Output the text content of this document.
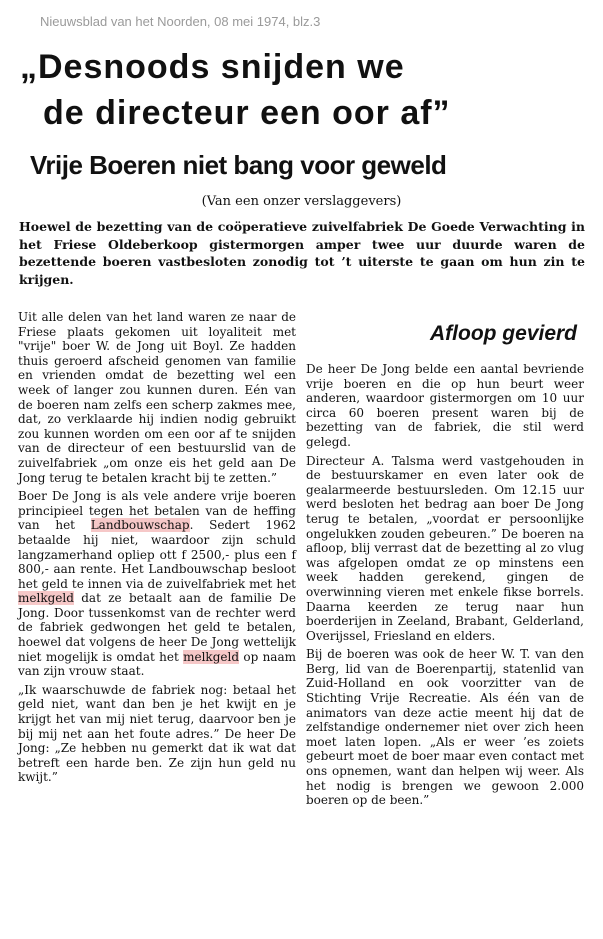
Nieuwsblad van het Noorden, 08 mei 1974, blz.3
„Desnoods snijden we
de directeur een oor af”
Vrije Boeren niet bang voor geweld
(Van een onzer verslaggevers)
Hoewel de bezetting van de coöperatieve zuivelfabriek De Goede Verwachting in het Friese Oldeberkoop gistermorgen amper twee uur duurde waren de bezettende boeren vastbesloten zonodig tot ’t uiterste te gaan om hun zin te krijgen.

Uit alle delen van het land waren ze naar de Friese plaats gekomen uit loyaliteit met "vrije" boer W. de Jong uit Boyl. Ze hadden thuis geroerd afscheid genomen van familie en vrienden omdat de bezetting wel een week of langer zou kunnen duren. Eén van de boeren nam zelfs een scherp zakmes mee, dat, zo verklaarde hij indien nodig gebruikt zou kunnen worden om een oor af te snijden van de directeur of een bestuurslid van de zuivelfabriek „om onze eis het geld aan De Jong terug te betalen kracht bij te zetten.”

Boer De Jong is als vele andere vrije boeren principieel tegen het betalen van de heffing van het Landbouwschap. Sedert 1962 betaalde hij niet, waardoor zijn schuld langzamerhand opliep ott f 2500,- plus een f 800,- aan rente. Het Landbouwschap besloot het geld te innen via de zuivelfabriek met het melkgeld dat ze betaalt aan de familie De Jong. Door tussenkomst van de rechter werd de fabriek gedwongen het geld te betalen, hoewel dat volgens de heer De Jong wettelijk niet mogelijk is omdat het melkgeld op naam van zijn vrouw staat.

„Ik waarschuwde de fabriek nog: betaal het geld niet, want dan ben je het kwijt en je krijgt het van mij niet terug, daarvoor ben je bij mij net aan het foute adres.” De heer De Jong: „Ze hebben nu gemerkt dat ik wat dat betreft een harde ben. Ze zijn hun geld nu kwijt.”

Afloop gevierd

De heer De Jong belde een aantal bevriende vrije boeren en die op hun beurt weer anderen, waardoor gistermorgen om 10 uur circa 60 boeren present waren bij de bezetting van de fabriek, die stil werd gelegd.

Directeur A. Talsma werd vastgehouden in de bestuurskamer en even later ook de gealarmeerde bestuursleden. Om 12.15 uur werd besloten het bedrag aan boer De Jong terug te betalen, „voordat er persoonlijke ongelukken zouden gebeuren.” De boeren na afloop, blij verrast dat de bezetting al zo vlug was afgelopen omdat ze op minstens een week hadden gerekend, gingen de overwinning vieren met enkele fikse borrels. Daarna keerden ze terug naar hun boerderijen in Zeeland, Brabant, Gelderland, Overijssel, Friesland en elders.

Bij de boeren was ook de heer W. T. van den Berg, lid van de Boerenpartij, statenlid van Zuid-Holland en ook voorzitter van de Stichting Vrije Recreatie. Als één van de animators van deze actie meent hij dat de zelfstandige ondernemer niet over zich heen moet laten lopen. „Als er weer ’es zoiets gebeurt moet de boer maar even contact met ons opnemen, want dan helpen wij weer. Als het nodig is brengen we gewoon 2.000 boeren op de been.”
